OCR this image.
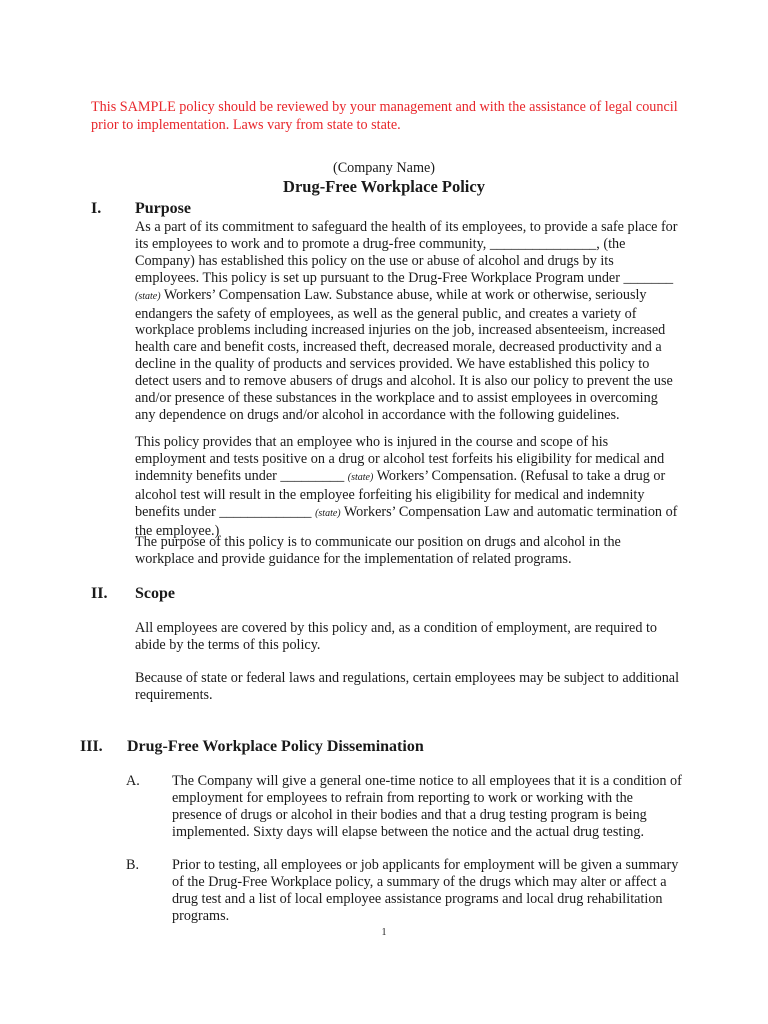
This SAMPLE policy should be reviewed by your management and with the assistance of legal council prior to implementation. Laws vary from state to state.
(Company Name)
Drug-Free Workplace Policy
I. Purpose

As a part of its commitment to safeguard the health of its employees, to provide a safe place for its employees to work and to promote a drug-free community, _______________, (the Company) has established this policy on the use or abuse of alcohol and drugs by its employees. This policy is set up pursuant to the Drug-Free Workplace Program under _______ (state) Workers’ Compensation Law. Substance abuse, while at work or otherwise, seriously endangers the safety of employees, as well as the general public, and creates a variety of workplace problems including increased injuries on the job, increased absenteeism, increased health care and benefit costs, increased theft, decreased morale, decreased productivity and a decline in the quality of products and services provided. We have established this policy to detect users and to remove abusers of drugs and alcohol. It is also our policy to prevent the use and/or presence of these substances in the workplace and to assist employees in overcoming any dependence on drugs and/or alcohol in accordance with the following guidelines.

This policy provides that an employee who is injured in the course and scope of his employment and tests positive on a drug or alcohol test forfeits his eligibility for medical and indemnity benefits under _________ (state) Workers’ Compensation. (Refusal to take a drug or alcohol test will result in the employee forfeiting his eligibility for medical and indemnity benefits under _____________ (state) Workers’ Compensation Law and automatic termination of the employee.)

The purpose of this policy is to communicate our position on drugs and alcohol in the workplace and provide guidance for the implementation of related programs.

II. Scope

All employees are covered by this policy and, as a condition of employment, are required to abide by the terms of this policy.

Because of state or federal laws and regulations, certain employees may be subject to additional requirements.

III. Drug-Free Workplace Policy Dissemination
A. The Company will give a general one-time notice to all employees that it is a condition of employment for employees to refrain from reporting to work or working with the presence of drugs or alcohol in their bodies and that a drug testing program is being implemented. Sixty days will elapse between the notice and the actual drug testing.

B. Prior to testing, all employees or job applicants for employment will be given a summary of the Drug-Free Workplace policy, a summary of the drugs which may alter or affect a drug test and a list of local employee assistance programs and local drug rehabilitation programs.

1
